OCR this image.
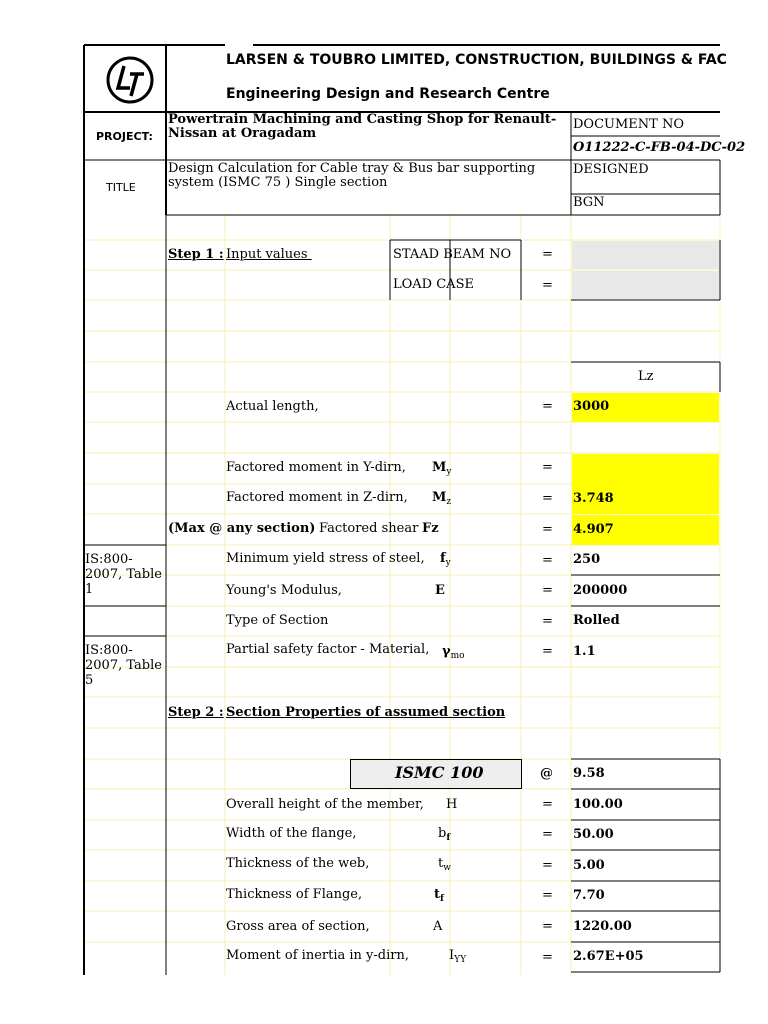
LARSEN & TOUBRO LIMITED, CONSTRUCTION, BUILDINGS & FAC
Engineering Design and Research Centre
PROJECT:
Powertrain Machining and Casting Shop for Renault-Nissan at Oragadam
DOCUMENT NO
O11222-C-FB-04-DC-02
TITLE
Design Calculation for Cable tray & Bus bar supporting system (ISMC 75 ) Single section
DESIGNED
BGN
Step 1 : Input values	STAAD BEAM NO =
LOAD CASE	=
Lz
Actual length,	= 3000
Factored moment in Y-dirn, $M_y$	=
Factored moment in Z-dirn, $M_z$	= 3.748
(Max @ any section) Factored shear Fz	= 4.907
IS:800-2007, Table 1
Minimum yield stress of steel, $f_y$	= 250
Young's Modulus,	E	= 200000
Type of Section	= Rolled
IS:800-2007, Table 5
Partial safety factor - Material, $\gamma_{mo}$	= 1.1
Step 2 : Section Properties of assumed section
ISMC 100	@ 9.58
Overall height of the member, H	= 100.00
Width of the flange,	$b_f$	= 50.00
Thickness of the web,	$t_w$	= 5.00
Thickness of Flange,	$t_f$	= 7.70
Gross area of section,	A	= 1220.00
Moment of inertia in y-dirn,	$I_{YY}$	= 2.67E+05
